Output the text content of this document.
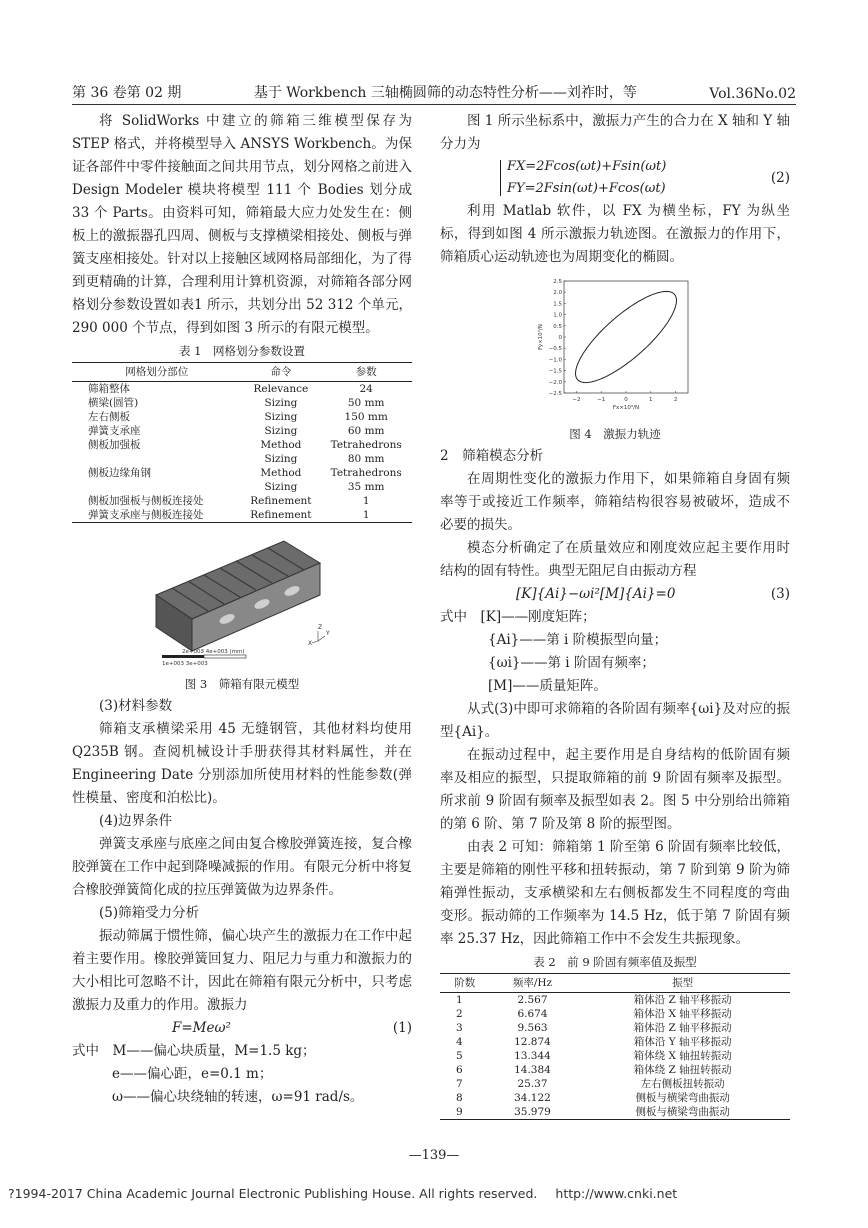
第 36 卷第 02 期	基于 Workbench 三轴椭圆筛的动态特性分析——刘祚时，等	Vol.36No.02

将 SolidWorks 中建立的筛箱三维模型保存为 STEP 格式，并将模型导入 ANSYS Workbench。为保证各部件中零件接触面之间共用节点，划分网格之前进入 Design Modeler 模块将模型 111 个 Bodies 划分成 33 个 Parts。由资料可知，筛箱最大应力处发生在：侧板上的激振器孔四周、侧板与支撑横梁相接处、侧板与弹簧支座相接处。针对以上接触区域网格局部细化，为了得到更精确的计算，合理利用计算机资源，对筛箱各部分网格划分参数设置如表1 所示，共划分出 52 312 个单元，290 000 个节点，得到如图 3 所示的有限元模型。

表 1　网格划分参数设置
网格划分部位	命令	参数
筛箱整体	Relevance	24
横梁(圆管)	Sizing	50 mm
左右侧板	Sizing	150 mm
弹簧支承座	Sizing	60 mm
侧板加强板	Method	Tetrahedrons
	Sizing	80 mm
侧板边缘角钢	Method	Tetrahedrons
	Sizing	35 mm
侧板加强板与侧板连接处	Refinement	1
弹簧支承座与侧板连接处	Refinement	1
Z
Y
X
2e+003 4e+003 (mm)
1e+003 3e+003
图 3　筛箱有限元模型

(3)材料参数

筛箱支承横梁采用 45 无缝钢管，其他材料均使用 Q235B 钢。查阅机械设计手册获得其材料属性，并在 Engineering Date 分别添加所使用材料的性能参数(弹性模量、密度和泊松比)。

(4)边界条件

弹簧支承座与底座之间由复合橡胶弹簧连接，复合橡胶弹簧在工作中起到降噪减振的作用。有限元分析中将复合橡胶弹簧简化成的拉压弹簧做为边界条件。

(5)筛箱受力分析

振动筛属于惯性筛，偏心块产生的激振力在工作中起着主要作用。橡胶弹簧回复力、阻尼力与重力和激振力的大小相比可忽略不计，因此在筛箱有限元分析中，只考虑激振力及重力的作用。激振力

F=Meω²	(1)

式中　M——偏心块质量，M=1.5 kg；

e——偏心距，e=0.1 m；

ω——偏心块绕轴的转速，ω=91 rad/s。

图 1 所示坐标系中，激振力产生的合力在 X 轴和 Y 轴分力为

FX=2Fcos(ωt)+Fsin(ωt)
FY=2Fsin(ωt)+Fcos(ωt)
(2)

利用 Matlab 软件，以 FX 为横坐标，FY 为纵坐标，得到如图 4 所示激振力轨迹图。在激振力的作用下，筛箱质心运动轨迹也为周期变化的椭圆。

2.5
2.0
1.5
1.0
0.5
0
−0.5
−1.0
−1.5
−2.0
−2.5
−2	−1	0	1	2
Fx×10³/N
Fy×10³/N
图 4　激振力轨迹

2　筛箱模态分析

在周期性变化的激振力作用下，如果筛箱自身固有频率等于或接近工作频率，筛箱结构很容易被破坏，造成不必要的损失。

模态分析确定了在质量效应和刚度效应起主要作用时结构的固有特性。典型无阻尼自由振动方程

[K]{Ai}−ωi²[M]{Ai}=0	(3)

式中　[K]——刚度矩阵；

{Ai}——第 i 阶模振型向量；

{ωi}——第 i 阶固有频率；

[M]——质量矩阵。

从式(3)中即可求筛箱的各阶固有频率{ωi}及对应的振型{Ai}。

在振动过程中，起主要作用是自身结构的低阶固有频率及相应的振型，只提取筛箱的前 9 阶固有频率及振型。所求前 9 阶固有频率及振型如表 2。图 5 中分别给出筛箱的第 6 阶、第 7 阶及第 8 阶的振型图。

由表 2 可知：筛箱第 1 阶至第 6 阶固有频率比较低，主要是筛箱的刚性平移和扭转振动，第 7 阶到第 9 阶为筛箱弹性振动，支承横梁和左右侧板都发生不同程度的弯曲变形。振动筛的工作频率为 14.5 Hz，低于第 7 阶固有频率 25.37 Hz，因此筛箱工作中不会发生共振现象。

表 2　前 9 阶固有频率值及振型
阶数	频率/Hz	振型
1	2.567	箱体沿 Z 轴平移振动
2	6.674	箱体沿 X 轴平移振动
3	9.563	箱体沿 Z 轴平移振动
4	12.874	箱体沿 Y 轴平移振动
5	13.344	箱体绕 X 轴扭转振动
6	14.384	箱体绕 Z 轴扭转振动
7	25.37	左右侧板扭转振动
8	34.122	侧板与横梁弯曲振动
9	35.979	侧板与横梁弯曲振动
—139—
?1994-2017 China Academic Journal Electronic Publishing House. All rights reserved. http://www.cnki.net
